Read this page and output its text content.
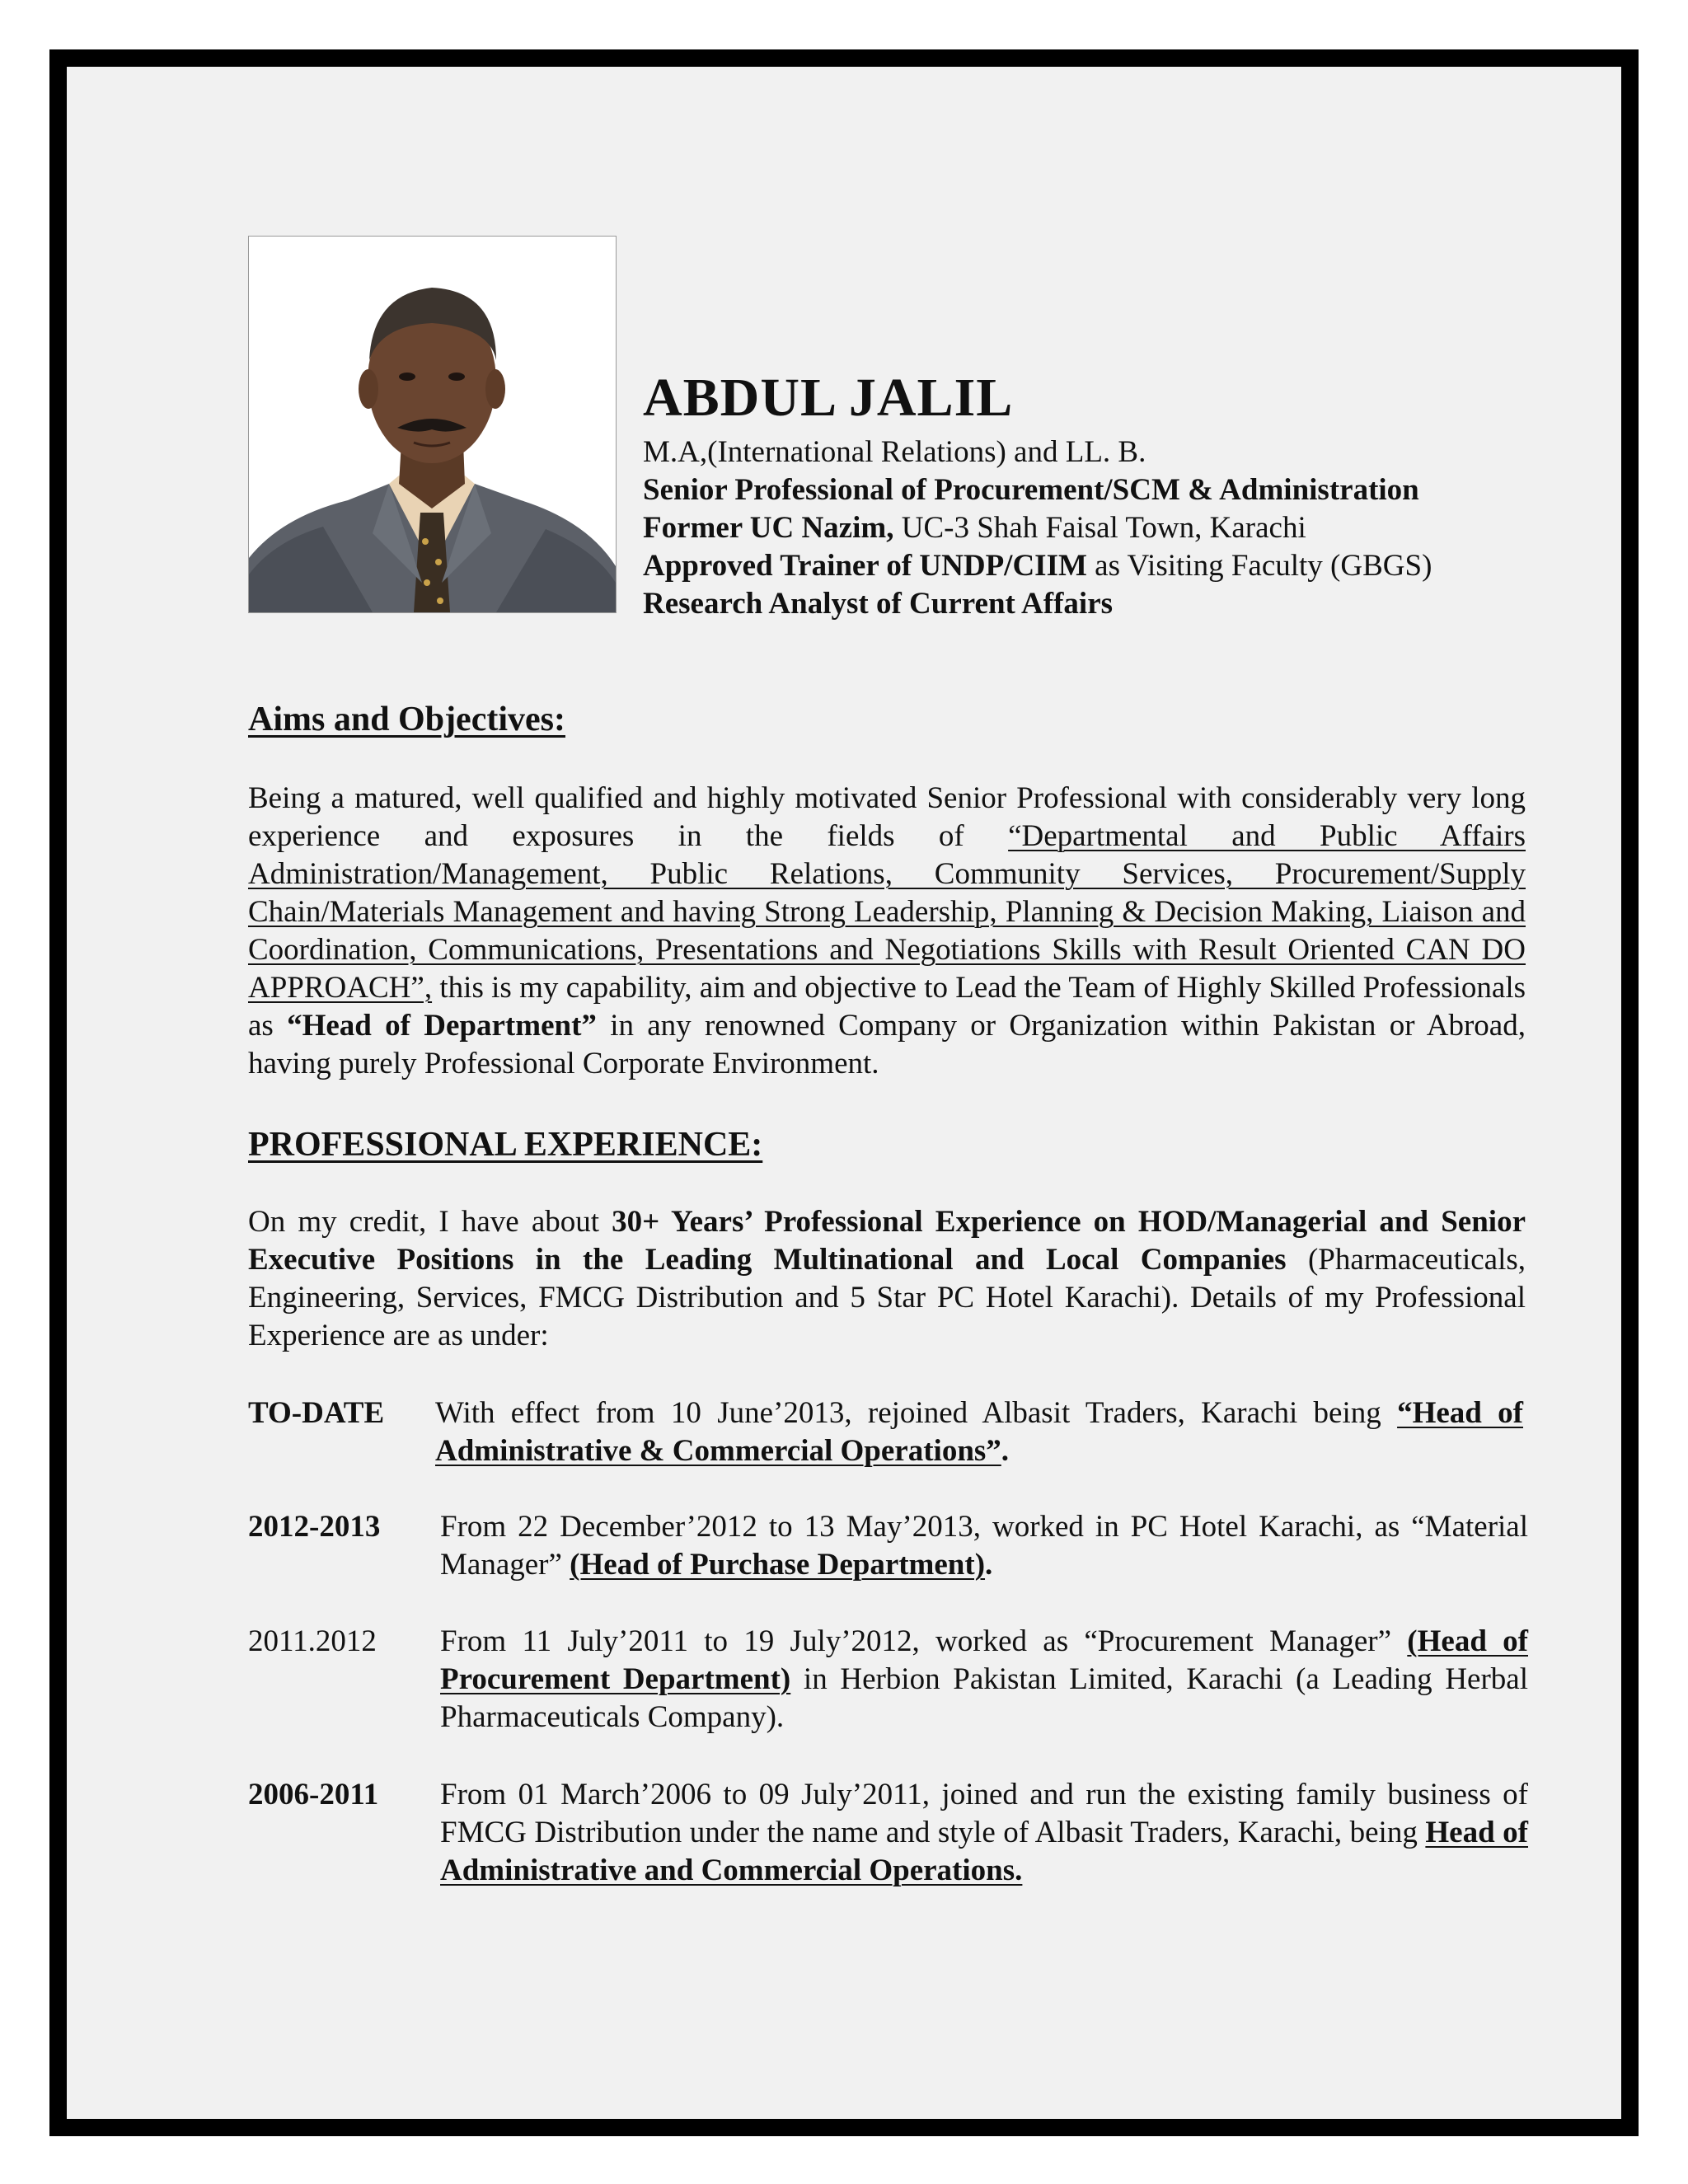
ABDUL JALIL
M.A,(International Relations) and LL. B.
Senior Professional of Procurement/SCM & Administration
Former UC Nazim, UC-3 Shah Faisal Town, Karachi
Approved Trainer of UNDP/CIIM as Visiting Faculty (GBGS)
Research Analyst of Current Affairs
Aims and Objectives:
Being a matured, well qualified and highly motivated Senior Professional with considerably very long experience and exposures in the fields of “Departmental and Public Affairs Administration/Management, Public Relations, Community Services, Procurement/Supply Chain/Materials Management and having Strong Leadership, Planning & Decision Making, Liaison and Coordination, Communications, Presentations and Negotiations Skills with Result Oriented CAN DO APPROACH”, this is my capability, aim and objective to Lead the Team of Highly Skilled Professionals as “Head of Department” in any renowned Company or Organization within Pakistan or Abroad, having purely Professional Corporate Environment.
PROFESSIONAL EXPERIENCE:
On my credit, I have about 30+ Years’ Professional Experience on HOD/Managerial and Senior Executive Positions in the Leading Multinational and Local Companies (Pharmaceuticals, Engineering, Services, FMCG Distribution and 5 Star PC Hotel Karachi). Details of my Professional Experience are as under:
TO-DATE With effect from 10 June’2013, rejoined Albasit Traders, Karachi being “Head of Administrative & Commercial Operations”.
2012-2013 From 22 December’2012 to 13 May’2013, worked in PC Hotel Karachi, as “Material Manager” (Head of Purchase Department).
2011.2012 From 11 July’2011 to 19 July’2012, worked as “Procurement Manager” (Head of Procurement Department) in Herbion Pakistan Limited, Karachi (a Leading Herbal Pharmaceuticals Company).
2006-2011 From 01 March’2006 to 09 July’2011, joined and run the existing family business of FMCG Distribution under the name and style of Albasit Traders, Karachi, being Head of Administrative and Commercial Operations.
